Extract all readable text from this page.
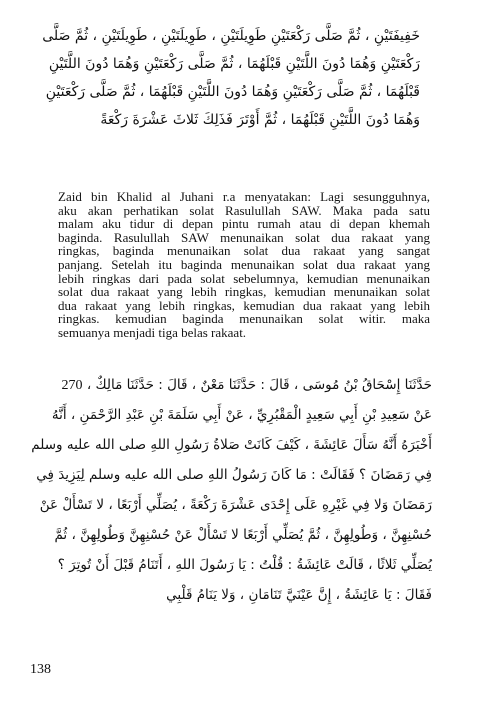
خَفِيفَتَيْنِ ، ثُمَّ صَلَّى رَكْعَتَيْنِ طَوِيلَتَيْنِ ، طَوِيلَتَيْنِ ، طَوِيلَتَيْنِ ، ثُمَّ صَلَّى
رَكْعَتَيْنِ وَهُمَا دُونَ اللَّتَيْنِ قَبْلَهُمَا ، ثُمَّ صَلَّى رَكْعَتَيْنِ وَهُمَا دُونَ اللَّتَيْنِ
قَبْلَهُمَا ، ثُمَّ صَلَّى رَكْعَتَيْنِ وَهُمَا دُونَ اللَّتَيْنِ قَبْلَهُمَا ، ثُمَّ صَلَّى رَكْعَتَيْنِ
وَهُمَا دُونَ اللَّتَيْنِ قَبْلَهُمَا ، ثُمَّ أَوْتَرَ فَذَلِكَ ثَلاثَ عَشْرَةَ رَكْعَةً
Zaid bin Khalid al Juhani r.a menyatakan: Lagi sesungguhnya,
aku akan perhatikan solat Rasulullah SAW. Maka pada satu
malam aku tidur di depan pintu rumah atau di depan khemah
baginda. Rasulullah SAW menunaikan solat dua rakaat yang
ringkas, baginda menunaikan solat dua rakaat yang sangat
panjang. Setelah itu baginda menunaikan solat dua rakaat yang
lebih ringkas dari pada solat sebelumnya, kemudian menunaikan
solat dua rakaat yang lebih ringkas, kemudian menunaikan solat
dua rakaat yang lebih ringkas, kemudian dua rakaat yang lebih
ringkas. kemudian baginda menunaikan solat witir. maka
semuanya menjadi tiga belas rakaat.
حَدَّثَنَا إِسْحَاقُ بْنُ مُوسَى ، قَالَ : حَدَّثَنَا مَعْنٌ ، قَالَ : حَدَّثَنَا مَالِكٌ ، 270
عَنْ سَعِيدِ بْنِ أَبِي سَعِيدٍ الْمَقْبُرِيِّ ، عَنْ أَبِي سَلَمَةَ بْنِ عَبْدِ الرَّحْمَنِ ، أَنَّهُ
أَخْبَرَهُ أَنَّهُ سَأَلَ عَائِشَةَ ، كَيْفَ كَانَتْ صَلاةُ رَسُولِ اللهِ صلى الله عليه وسلم
فِي رَمَضَانَ ؟ فَقَالَتْ : مَا كَانَ رَسُولُ اللهِ صلى الله عليه وسلم لِيَزِيدَ فِي
رَمَضَانَ وَلا فِي غَيْرِهِ عَلَى إِحْدَى عَشْرَةَ رَكْعَةً ، يُصَلِّي أَرْبَعًا ، لا تَسْأَلْ عَنْ
حُسْنِهِنَّ ، وَطُولِهِنَّ ، ثُمَّ يُصَلِّي أَرْبَعًا لا تَسْأَلْ عَنْ حُسْنِهِنَّ وَطُولِهِنَّ ، ثُمَّ
يُصَلِّي ثَلاثًا ، قَالَتْ عَائِشَةُ : قُلْتُ : يَا رَسُولَ اللهِ ، أَتَنَامُ قَبْلَ أَنْ تُوتِرَ ؟
فَقَالَ : يَا عَائِشَةُ ، إِنَّ عَيْنَيَّ تَنَامَانِ ، وَلا يَنَامُ قَلْبِي
138
